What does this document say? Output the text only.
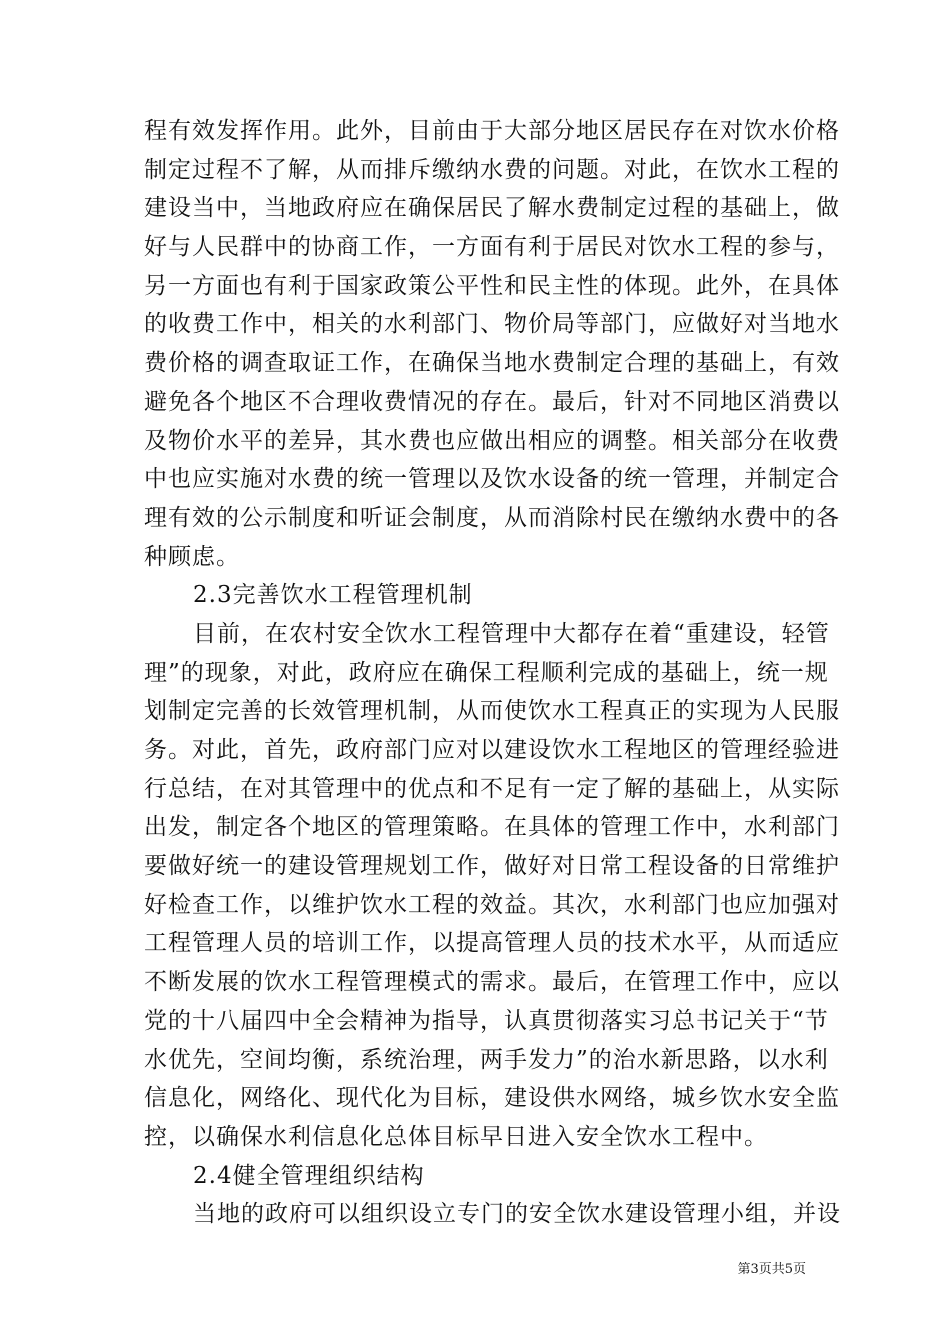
程有效发挥作用。此外，目前由于大部分地区居民存在对饮水价格
制定过程不了解，从而排斥缴纳水费的问题。对此，在饮水工程的
建设当中，当地政府应在确保居民了解水费制定过程的基础上，做
好与人民群中的协商工作，一方面有利于居民对饮水工程的参与，
另一方面也有利于国家政策公平性和民主性的体现。此外，在具体
的收费工作中，相关的水利部门、物价局等部门，应做好对当地水
费价格的调查取证工作，在确保当地水费制定合理的基础上，有效
避免各个地区不合理收费情况的存在。最后，针对不同地区消费以
及物价水平的差异，其水费也应做出相应的调整。相关部分在收费
中也应实施对水费的统一管理以及饮水设备的统一管理，并制定合
理有效的公示制度和听证会制度，从而消除村民在缴纳水费中的各
种顾虑。
2.3完善饮水工程管理机制
目前，在农村安全饮水工程管理中大都存在着“重建设，轻管
理”的现象，对此，政府应在确保工程顺利完成的基础上，统一规
划制定完善的长效管理机制，从而使饮水工程真正的实现为人民服
务。对此，首先，政府部门应对以建设饮水工程地区的管理经验进
行总结，在对其管理中的优点和不足有一定了解的基础上，从实际
出发，制定各个地区的管理策略。在具体的管理工作中，水利部门
要做好统一的建设管理规划工作，做好对日常工程设备的日常维护
好检查工作，以维护饮水工程的效益。其次，水利部门也应加强对
工程管理人员的培训工作，以提高管理人员的技术水平，从而适应
不断发展的饮水工程管理模式的需求。最后，在管理工作中，应以
党的十八届四中全会精神为指导，认真贯彻落实习总书记关于“节
水优先，空间均衡，系统治理，两手发力”的治水新思路，以水利
信息化，网络化、现代化为目标，建设供水网络，城乡饮水安全监
控，以确保水利信息化总体目标早日进入安全饮水工程中。
2.4健全管理组织结构
当地的政府可以组织设立专门的安全饮水建设管理小组，并设
第3页共5页
